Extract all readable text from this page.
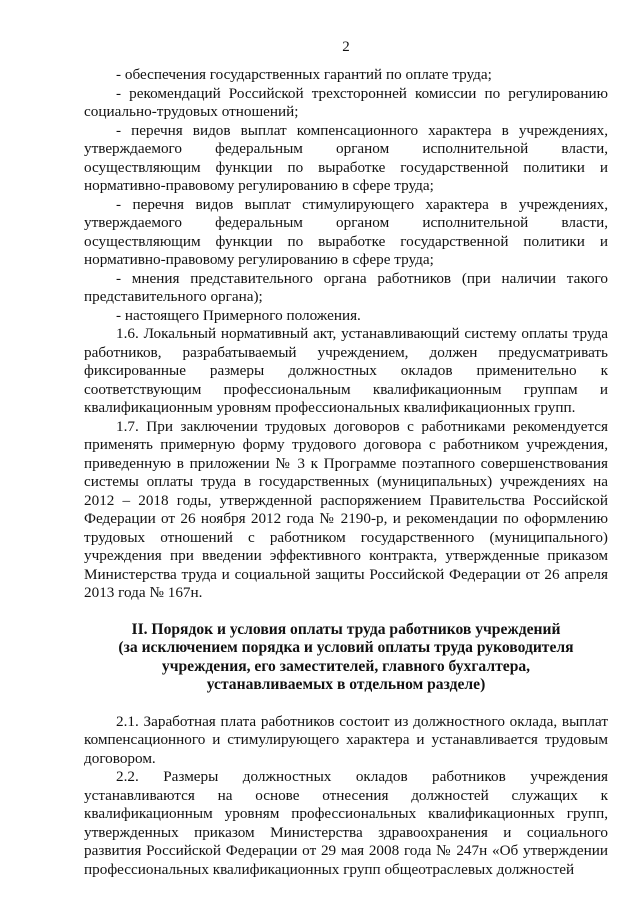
2

- обеспечения государственных гарантий по оплате труда;

- рекомендаций Российской трехсторонней комиссии по регулированию социально-трудовых отношений;

- перечня видов выплат компенсационного характера в учреждениях, утверждаемого федеральным органом исполнительной власти, осуществляющим функции по выработке государственной политики и нормативно-правовому регулированию в сфере труда;

- перечня видов выплат стимулирующего характера в учреждениях, утверждаемого федеральным органом исполнительной власти, осуществляющим функции по выработке государственной политики и нормативно-правовому регулированию в сфере труда;

- мнения представительного органа работников (при наличии такого представительного органа);

- настоящего Примерного положения.

1.6. Локальный нормативный акт, устанавливающий систему оплаты труда работников, разрабатываемый учреждением, должен предусматривать фиксированные размеры должностных окладов применительно к соответствующим профессиональным квалификационным группам и квалификационным уровням профессиональных квалификационных групп.

1.7. При заключении трудовых договоров с работниками рекомендуется применять примерную форму трудового договора с работником учреждения, приведенную в приложении № 3 к Программе поэтапного совершенствования системы оплаты труда в государственных (муниципальных) учреждениях на 2012 – 2018 годы, утвержденной распоряжением Правительства Российской Федерации от 26 ноября 2012 года № 2190-р, и рекомендации по оформлению трудовых отношений с работником государственного (муниципального) учреждения при введении эффективного контракта, утвержденные приказом Министерства труда и социальной защиты Российской Федерации от 26 апреля 2013 года № 167н.

II. Порядок и условия оплаты труда работников учреждений
(за исключением порядка и условий оплаты труда руководителя
учреждения, его заместителей, главного бухгалтера,
устанавливаемых в отдельном разделе)

2.1. Заработная плата работников состоит из должностного оклада, выплат компенсационного и стимулирующего характера и устанавливается трудовым договором.

2.2. Размеры должностных окладов работников учреждения устанавливаются на основе отнесения должностей служащих к квалификационным уровням профессиональных квалификационных групп, утвержденных приказом Министерства здравоохранения и социального развития Российской Федерации от 29 мая 2008 года № 247н «Об утверждении профессиональных квалификационных групп общеотраслевых должностей
